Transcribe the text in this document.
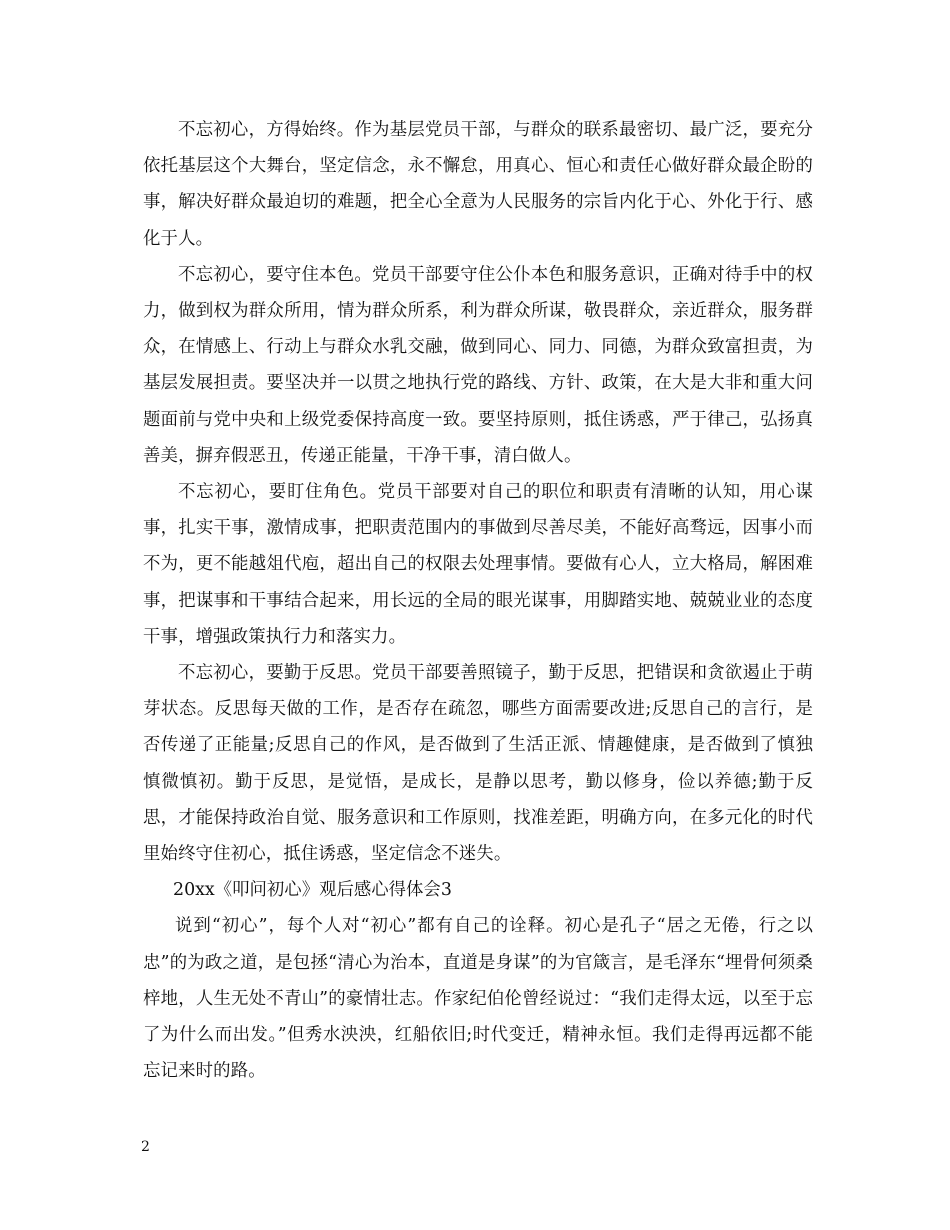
不忘初心，方得始终。作为基层党员干部，与群众的联系最密切、最广泛，要充分依托基层这个大舞台，坚定信念，永不懈怠，用真心、恒心和责任心做好群众最企盼的事，解决好群众最迫切的难题，把全心全意为人民服务的宗旨内化于心、外化于行、感化于人。

不忘初心，要守住本色。党员干部要守住公仆本色和服务意识，正确对待手中的权力，做到权为群众所用，情为群众所系，利为群众所谋，敬畏群众，亲近群众，服务群众，在情感上、行动上与群众水乳交融，做到同心、同力、同德，为群众致富担责，为基层发展担责。要坚决并一以贯之地执行党的路线、方针、政策，在大是大非和重大问题面前与党中央和上级党委保持高度一致。要坚持原则，抵住诱惑，严于律己，弘扬真善美，摒弃假恶丑，传递正能量，干净干事，清白做人。

不忘初心，要盯住角色。党员干部要对自己的职位和职责有清晰的认知，用心谋事，扎实干事，激情成事，把职责范围内的事做到尽善尽美，不能好高骛远，因事小而不为，更不能越俎代庖，超出自己的权限去处理事情。要做有心人，立大格局，解困难事，把谋事和干事结合起来，用长远的全局的眼光谋事，用脚踏实地、兢兢业业的态度干事，增强政策执行力和落实力。

不忘初心，要勤于反思。党员干部要善照镜子，勤于反思，把错误和贪欲遏止于萌芽状态。反思每天做的工作，是否存在疏忽，哪些方面需要改进;反思自己的言行，是否传递了正能量;反思自己的作风，是否做到了生活正派、情趣健康，是否做到了慎独慎微慎初。勤于反思，是觉悟，是成长，是静以思考，勤以修身，俭以养德;勤于反思，才能保持政治自觉、服务意识和工作原则，找准差距，明确方向，在多元化的时代里始终守住初心，抵住诱惑，坚定信念不迷失。

20xx《叩问初心》观后感心得体会3

说到“初心”，每个人对“初心”都有自己的诠释。初心是孔子“居之无倦，行之以忠”的为政之道，是包拯“清心为治本，直道是身谋”的为官箴言，是毛泽东“埋骨何须桑梓地，人生无处不青山”的豪情壮志。作家纪伯伦曾经说过：“我们走得太远，以至于忘了为什么而出发。”但秀水泱泱，红船依旧;时代变迁，精神永恒。我们走得再远都不能忘记来时的路。

2
